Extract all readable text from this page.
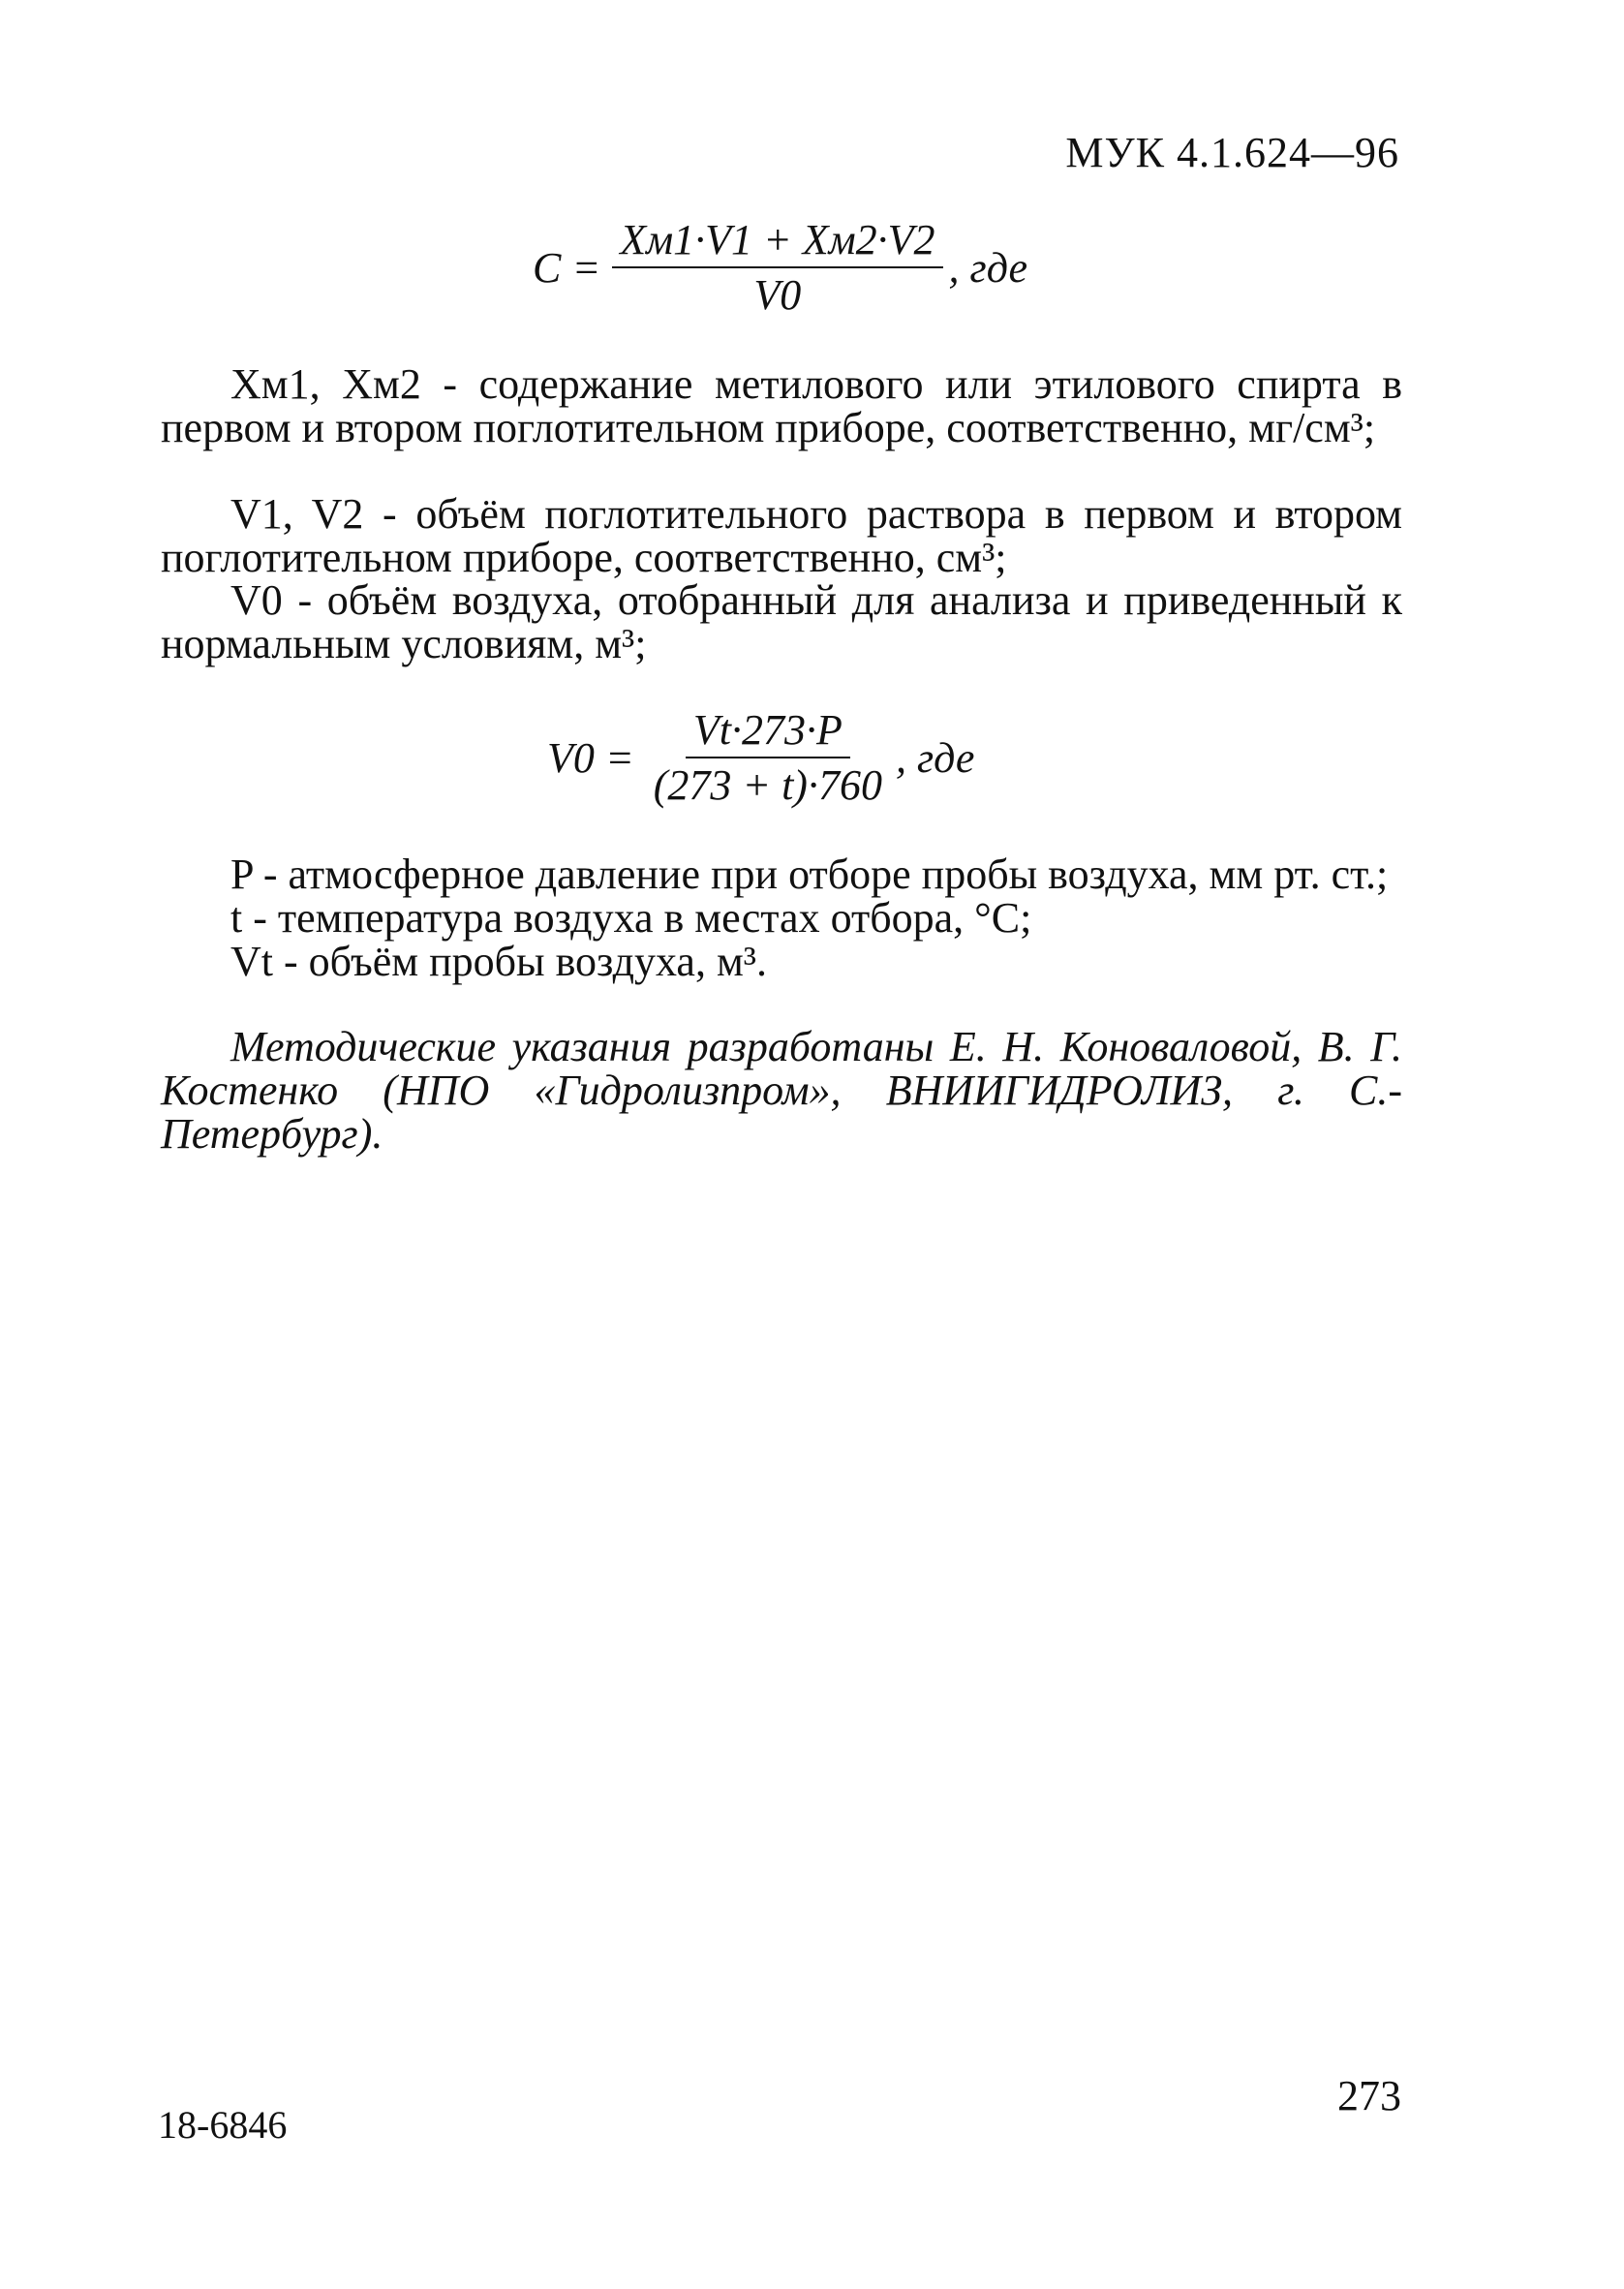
МУК 4.1.624—96
$C = \frac{Xм1\cdot V1 + Xм2\cdot V2}{V0}$ , где
Xм1, Xм2 - содержание метилового или этилового спирта в первом и втором поглотительном приборе, соответственно, мг/см³;
V1, V2 - объём поглотительного раствора в первом и втором поглотительном приборе, соответственно, см³;
V0 - объём воздуха, отобранный для анализа и приведенный к нормальным условиям, м³;
$V0 = \frac{Vt\cdot 273\cdot P}{(273 + t)\cdot 760}$ , где
P - атмосферное давление при отборе пробы воздуха, мм рт. ст.;
t - температура воздуха в местах отбора, °С;
Vt - объём пробы воздуха, м³.
Методические указания разработаны Е. Н. Коноваловой, В. Г. Костенко (НПО «Гидролизпром», ВНИИГИДРОЛИЗ, г. С.-Петербург).
18-6846
273
